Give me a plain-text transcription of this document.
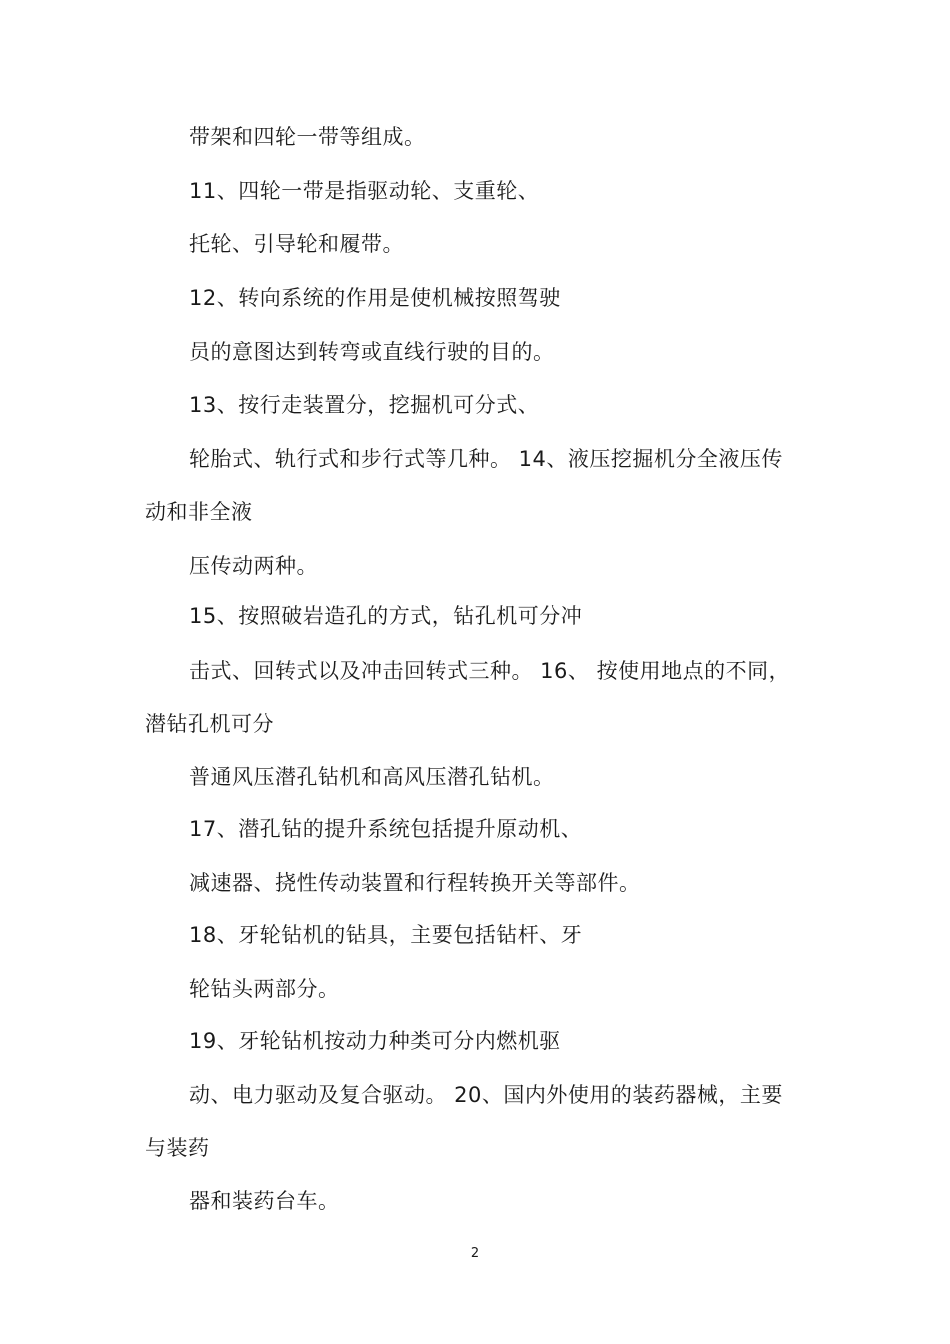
带架和四轮一带等组成。
11、四轮一带是指驱动轮、支重轮、
托轮、引导轮和履带。
12、转向系统的作用是使机械按照驾驶
员的意图达到转弯或直线行驶的目的。
13、按行走装置分，挖掘机可分式、
轮胎式、轨行式和步行式等几种。 14、液压挖掘机分全液压传
动和非全液
压传动两种。
15、按照破岩造孔的方式，钻孔机可分冲
击式、回转式以及冲击回转式三种。 16、 按使用地点的不同，
潜钻孔机可分
普通风压潜孔钻机和高风压潜孔钻机。
17、潜孔钻的提升系统包括提升原动机、
减速器、挠性传动装置和行程转换开关等部件。
18、牙轮钻机的钻具，主要包括钻杆、牙
轮钻头两部分。
19、牙轮钻机按动力种类可分内燃机驱
动、电力驱动及复合驱动。 20、国内外使用的装药器械，主要
与装药
器和装药台车。
2
